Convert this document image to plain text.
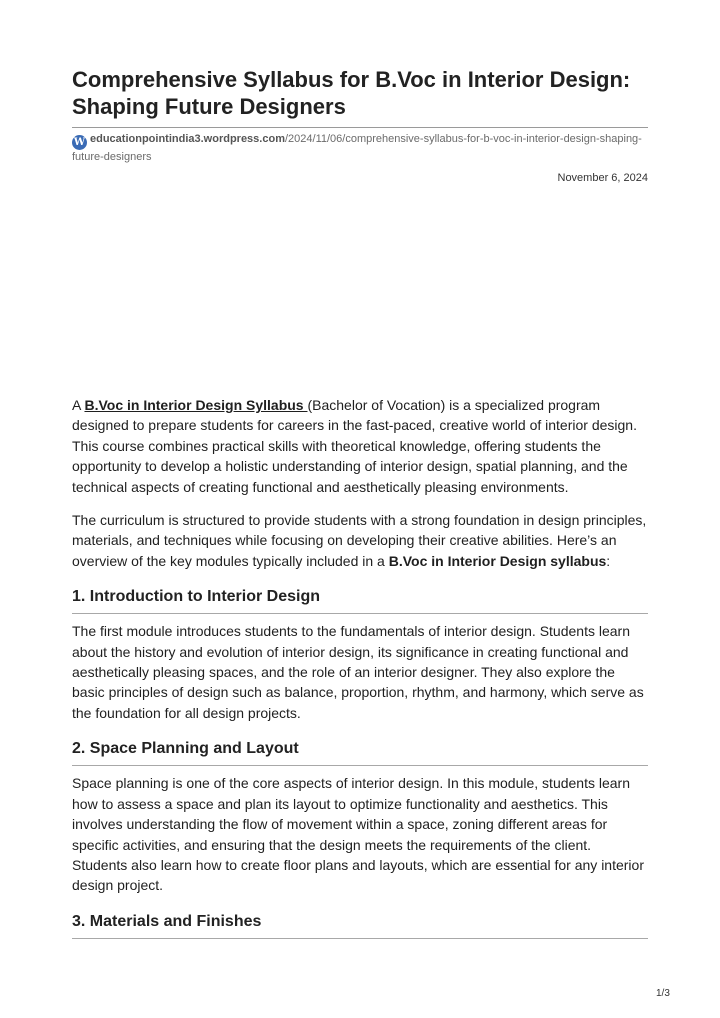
Comprehensive Syllabus for B.Voc in Interior Design: Shaping Future Designers
W educationpointindia3.wordpress.com/2024/11/06/comprehensive-syllabus-for-b-voc-in-interior-design-shaping-future-designers
November 6, 2024

A B.Voc in Interior Design Syllabus (Bachelor of Vocation) is a specialized program designed to prepare students for careers in the fast-paced, creative world of interior design. This course combines practical skills with theoretical knowledge, offering students the opportunity to develop a holistic understanding of interior design, spatial planning, and the technical aspects of creating functional and aesthetically pleasing environments.

The curriculum is structured to provide students with a strong foundation in design principles, materials, and techniques while focusing on developing their creative abilities. Here’s an overview of the key modules typically included in a B.Voc in Interior Design syllabus:

1. Introduction to Interior Design

The first module introduces students to the fundamentals of interior design. Students learn about the history and evolution of interior design, its significance in creating functional and aesthetically pleasing spaces, and the role of an interior designer. They also explore the basic principles of design such as balance, proportion, rhythm, and harmony, which serve as the foundation for all design projects.

2. Space Planning and Layout

Space planning is one of the core aspects of interior design. In this module, students learn how to assess a space and plan its layout to optimize functionality and aesthetics. This involves understanding the flow of movement within a space, zoning different areas for specific activities, and ensuring that the design meets the requirements of the client. Students also learn how to create floor plans and layouts, which are essential for any interior design project.

3. Materials and Finishes
1/3
